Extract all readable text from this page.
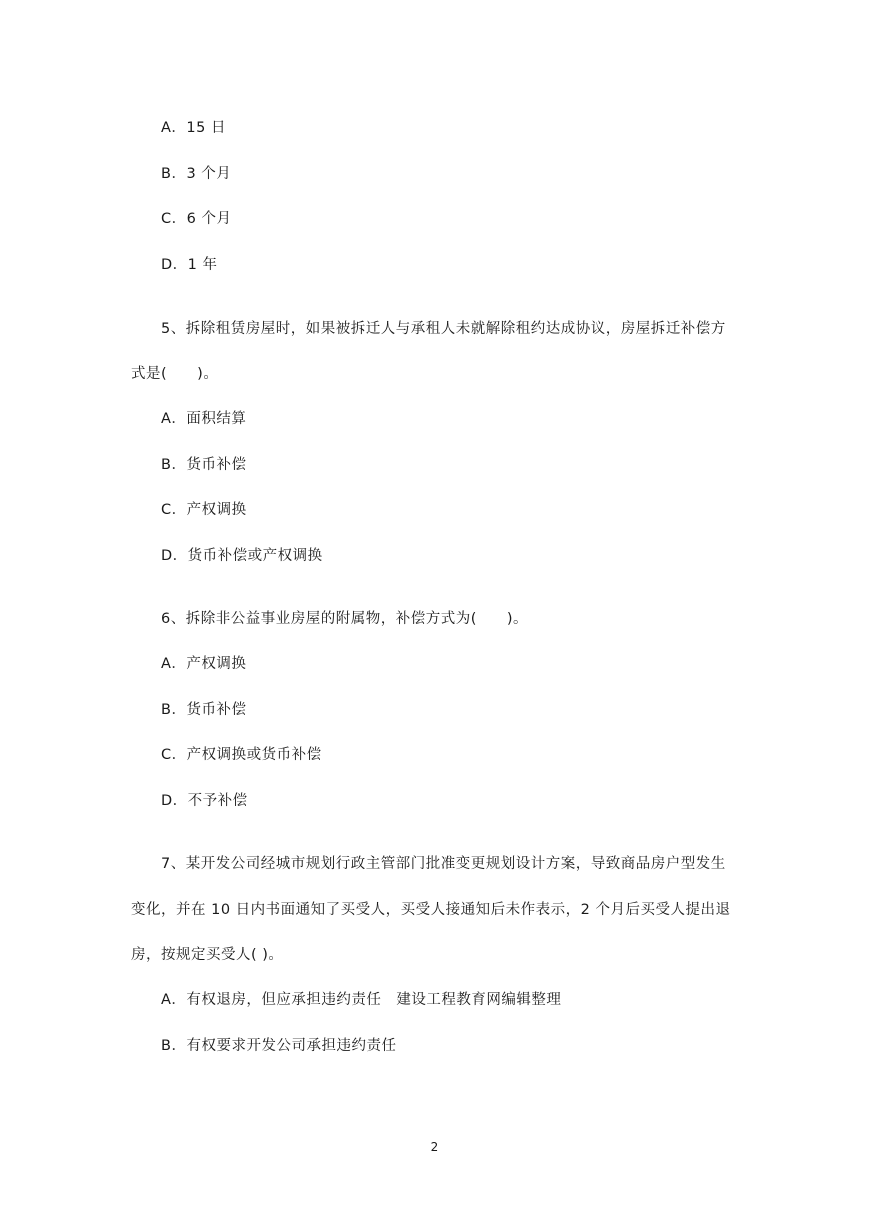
A．15 日
B．3 个月
C．6 个月
D．1 年
5、拆除租赁房屋时，如果被拆迁人与承租人未就解除租约达成协议，房屋拆迁补偿方
式是(　　)。
A．面积结算
B．货币补偿
C．产权调换
D．货币补偿或产权调换
6、拆除非公益事业房屋的附属物，补偿方式为(　　)。
A．产权调换
B．货币补偿
C．产权调换或货币补偿
D．不予补偿
7、某开发公司经城市规划行政主管部门批准变更规划设计方案，导致商品房户型发生
变化，并在 10 日内书面通知了买受人，买受人接通知后未作表示，2 个月后买受人提出退
房，按规定买受人( )。
A．有权退房，但应承担违约责任　建设工程教育网编辑整理
B．有权要求开发公司承担违约责任
2
